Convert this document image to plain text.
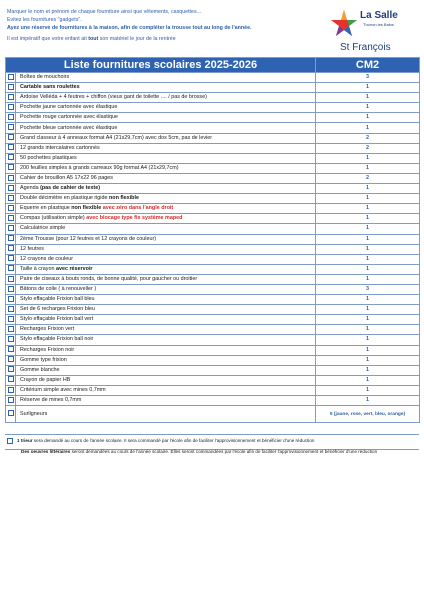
Marquer le nom et prénom de chaque fourniture ainsi que vêtements, casquettes...
Evitez les fournitures "gadgets".
Ayez une réserve de fournitures à la maison, afin de compléter la trousse tout au long de l'année.
Il est impératif que votre enfant ait tout son matériel le jour de la rentrée
La Salle
Thonon les Bains
St François
Liste fournitures scolaires 2025-2026		CM2
	Boîtes de mouchoirs	3
	Cartable sans roulettes	1
	Ardoise Velléda + 4 feutres + chiffon (vieux gant de toilette .... / pas de brosse)	1
	Pochette jaune cartonnée avec élastique	1
	Pochette rouge cartonnée avec élastique	1
	Pochette bleue cartonnée avec élastique	1
	Grand classeur à 4 anneaux format A4 (21x29,7cm) avec dos 5cm, pas de levier	2
	12 grands intercalaires cartonnés	2
	50 pochettes plastiques	1
	200 feuilles simples à grands carreaux 90g format A4 (21x29,7cm)	1
	Cahier de brouillon A5 17x22 96 pages	2
	Agenda (pas de cahier de texte)	1
	Double décimètre en plastique rigide non flexible	1
	Equerre en plastique non flexible avec zéro dans l'angle droit	1
	Compas (utilisation simple) avec blocage type fix système maped	1
	Calculatrice simple	1
	2ème Trousse (pour 12 feutres et 12 crayons de couleur)	1
	12 feutres	1
	12 crayons de couleur	1
	Taille à crayon avec réservoir	1
	Paire de ciseaux à bouts ronds, de bonne qualité, pour gaucher ou droitier	1
	Bâtons de colle ( à renouveller )	3
	Stylo effaçable Frixion ball bleu	1
	Set de 6 recharges Frixion bleu	1
	Stylo effaçable Frixion ball vert	1
	Recharges Frixion vert	1
	Stylo effaçable Frixion ball noir	1
	Recharges Frixion noir	1
	Gomme type frixion	1
	Gomme blanche	1
	Crayon de papier HB	1
	Critérium simple avec mines 0,7mm	1
	Réserve de mines 0,7mm	1
	Surligneurs	5 (jaune, rose, vert, bleu, orange)
1 trieur sera demandé au cours de l'année scolaire. Il sera commandé par l'école afin de faciliter l'approvisionnement et bénéficier d'une réduction
Des oeuvres littéraires seront demandées au cours de l'année scolaire. Elles seront commandées par l'école afin de faciliter l'approvisionnement et bénéficier d'une réduction
